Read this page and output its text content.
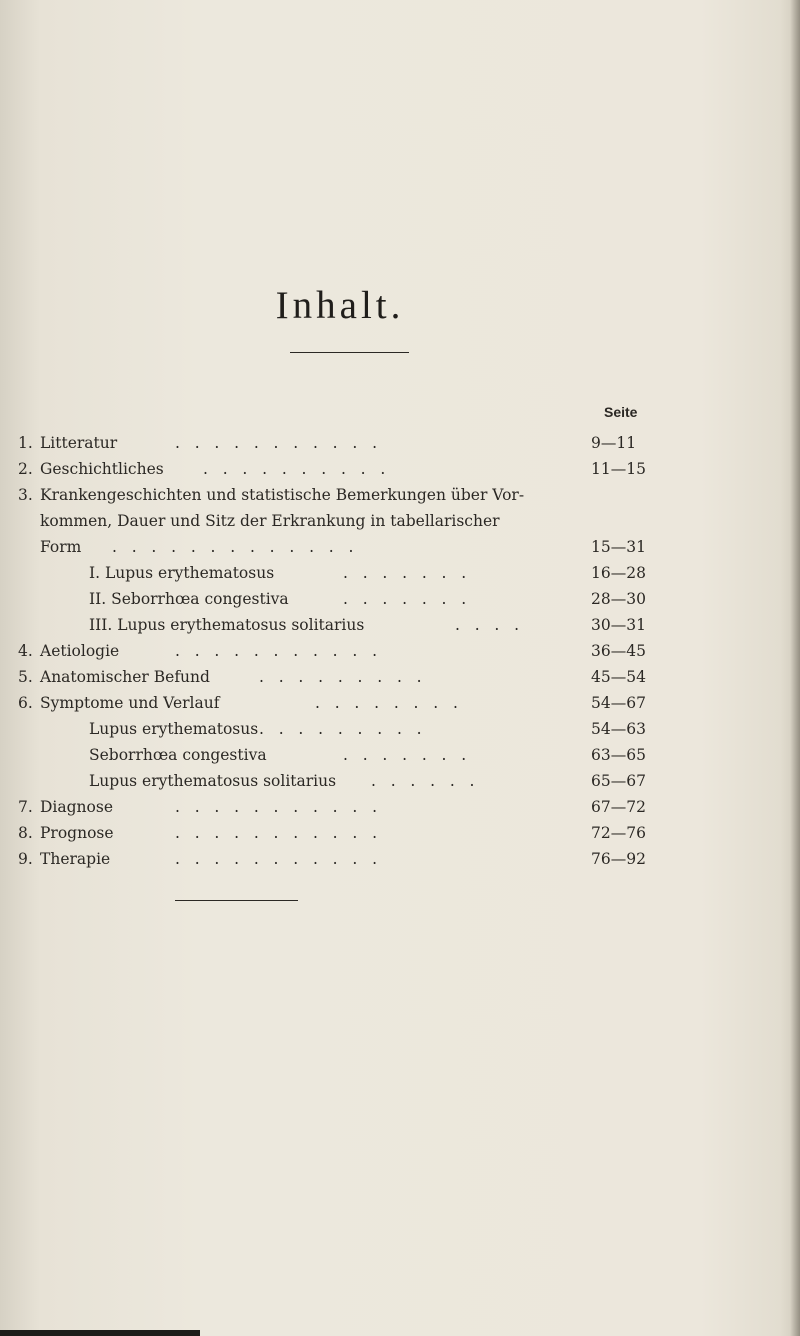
Inhalt.
Seite
1. Litteratur	.   .   .   .   .   .   .   .   .   .   .	9—11
2. Geschichtliches	.   .   .   .   .   .   .   .   .   .	11—15
3. Krankengeschichten und statistische Bemerkungen über Vor-
kommen, Dauer und Sitz der Erkrankung in tabellarischer
Form .   .   .   .   .   .   .   .   .   .   .   .   .	15—31
I. Lupus erythematosus	.   .   .   .   .   .   .	16—28
II. Seborrhœa congestiva	.   .   .   .   .   .   .	28—30
III. Lupus erythematosus solitarius	.   .   .   .	30—31
4. Aetiologie	.   .   .   .   .   .   .   .   .   .   .	36—45
5. Anatomischer Befund	.   .   .   .   .   .   .   .   .	45—54
6. Symptome und Verlauf	.   .   .   .   .   .   .   .	54—67
Lupus erythematosus .   .   .   .   .   .   .   .   .	54—63
Seborrhœa congestiva	.   .   .   .   .   .   .	63—65
Lupus erythematosus solitarius .   .   .   .   .   .	65—67
7. Diagnose	.   .   .   .   .   .   .   .   .   .   .	67—72
8. Prognose	.   .   .   .   .   .   .   .   .   .   .	72—76
9. Therapie	.   .   .   .   .   .   .   .   .   .   .	76—92
